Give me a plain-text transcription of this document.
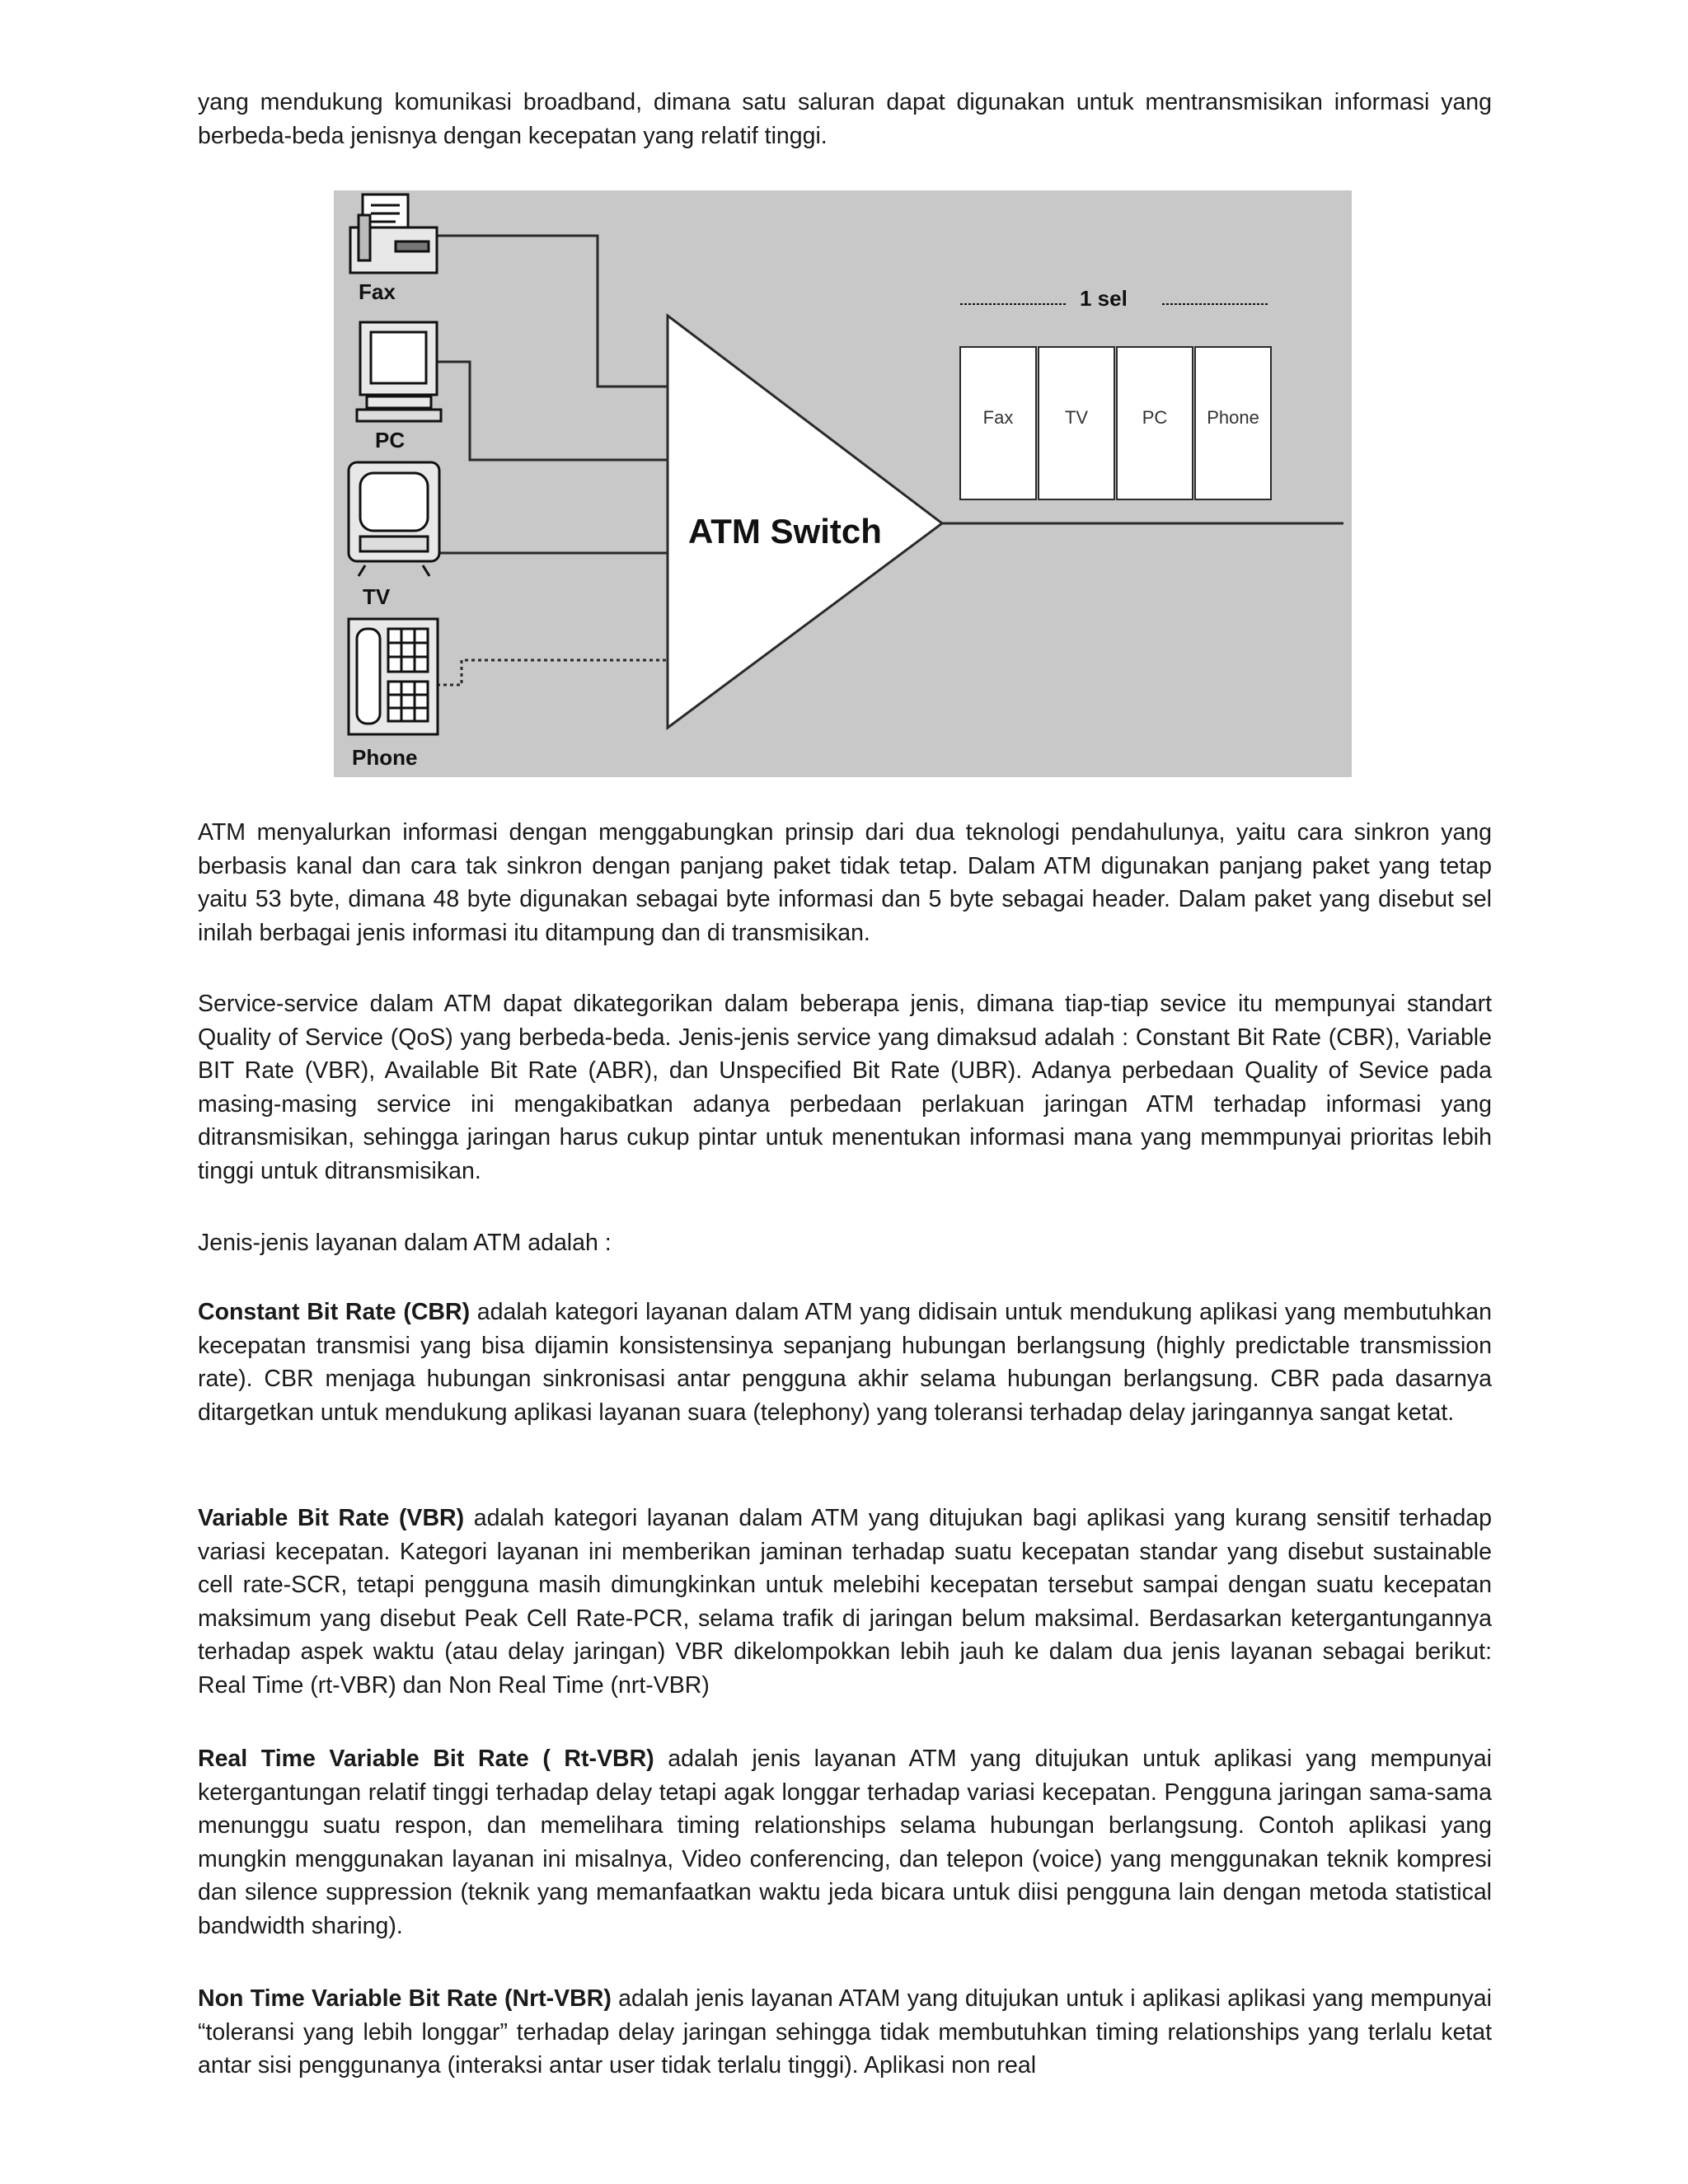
yang mendukung komunikasi broadband, dimana satu saluran dapat digunakan untuk mentransmisikan informasi yang berbeda-beda jenisnya dengan kecepatan yang relatif tinggi.

ATM Switch
1 sel
Fax	TV	PC Phone
Fax
PC
TV
Phone

ATM menyalurkan informasi dengan menggabungkan prinsip dari dua teknologi pendahulunya, yaitu cara sinkron yang berbasis kanal dan cara tak sinkron dengan panjang paket tidak tetap. Dalam ATM digunakan panjang paket yang tetap yaitu 53 byte, dimana 48 byte digunakan sebagai byte informasi dan 5 byte sebagai header. Dalam paket yang disebut sel inilah berbagai jenis informasi itu ditampung dan di transmisikan.

Service-service dalam ATM dapat dikategorikan dalam beberapa jenis, dimana tiap-tiap sevice itu mempunyai standart Quality of Service (QoS) yang berbeda-beda. Jenis-jenis service yang dimaksud adalah : Constant Bit Rate (CBR), Variable BIT Rate (VBR), Available Bit Rate (ABR), dan Unspecified Bit Rate (UBR). Adanya perbedaan Quality of Sevice pada masing-masing service ini mengakibatkan adanya perbedaan perlakuan jaringan ATM terhadap informasi yang ditransmisikan, sehingga jaringan harus cukup pintar untuk menentukan informasi mana yang memmpunyai prioritas lebih tinggi untuk ditransmisikan.

Jenis-jenis layanan dalam ATM adalah :

Constant Bit Rate (CBR) adalah kategori layanan dalam ATM yang didisain untuk mendukung aplikasi yang membutuhkan kecepatan transmisi yang bisa dijamin konsistensinya sepanjang hubungan berlangsung (highly predictable transmission rate). CBR menjaga hubungan sinkronisasi antar pengguna akhir selama hubungan berlangsung. CBR pada dasarnya ditargetkan untuk mendukung aplikasi layanan suara (telephony) yang toleransi terhadap delay jaringannya sangat ketat.

Variable Bit Rate (VBR) adalah kategori layanan dalam ATM yang ditujukan bagi aplikasi yang kurang sensitif terhadap variasi kecepatan. Kategori layanan ini memberikan jaminan terhadap suatu kecepatan standar yang disebut sustainable cell rate-SCR, tetapi pengguna masih dimungkinkan untuk melebihi kecepatan tersebut sampai dengan suatu kecepatan maksimum yang disebut Peak Cell Rate-PCR, selama trafik di jaringan belum maksimal. Berdasarkan ketergantungannya terhadap aspek waktu (atau delay jaringan) VBR dikelompokkan lebih jauh ke dalam dua jenis layanan sebagai berikut: Real Time (rt-VBR) dan Non Real Time (nrt-VBR)

Real Time Variable Bit Rate ( Rt-VBR) adalah jenis layanan ATM yang ditujukan untuk aplikasi yang mempunyai ketergantungan relatif tinggi terhadap delay tetapi agak longgar terhadap variasi kecepatan. Pengguna jaringan sama-sama menunggu suatu respon, dan memelihara timing relationships selama hubungan berlangsung. Contoh aplikasi yang mungkin menggunakan layanan ini misalnya, Video conferencing, dan telepon (voice) yang menggunakan teknik kompresi dan silence suppression (teknik yang memanfaatkan waktu jeda bicara untuk diisi pengguna lain dengan metoda statistical bandwidth sharing).

Non Time Variable Bit Rate (Nrt-VBR) adalah jenis layanan ATAM yang ditujukan untuk i aplikasi aplikasi yang mempunyai “toleransi yang lebih longgar” terhadap delay jaringan sehingga tidak membutuhkan timing relationships yang terlalu ketat antar sisi penggunanya (interaksi antar user tidak terlalu tinggi). Aplikasi non real
